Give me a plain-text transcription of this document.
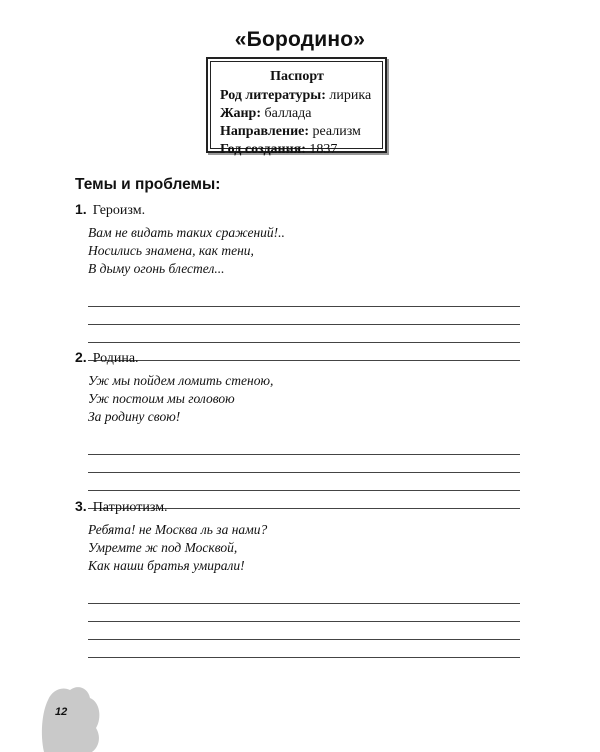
«Бородино»
Паспорт
Род литературы: лирика
Жанр: баллада
Направление: реализм
Год создания: 1837
Темы и проблемы:
1. Героизм.
Вам не видать таких сражений!..
Носились знамена, как тени,
В дыму огонь блестел...
2. Родина.
Уж мы пойдем ломить стеною,
Уж постоим мы головою
За родину свою!
3. Патриотизм.
Ребята! не Москва ль за нами?
Умремте ж под Москвой,
Как наши братья умирали!
12
